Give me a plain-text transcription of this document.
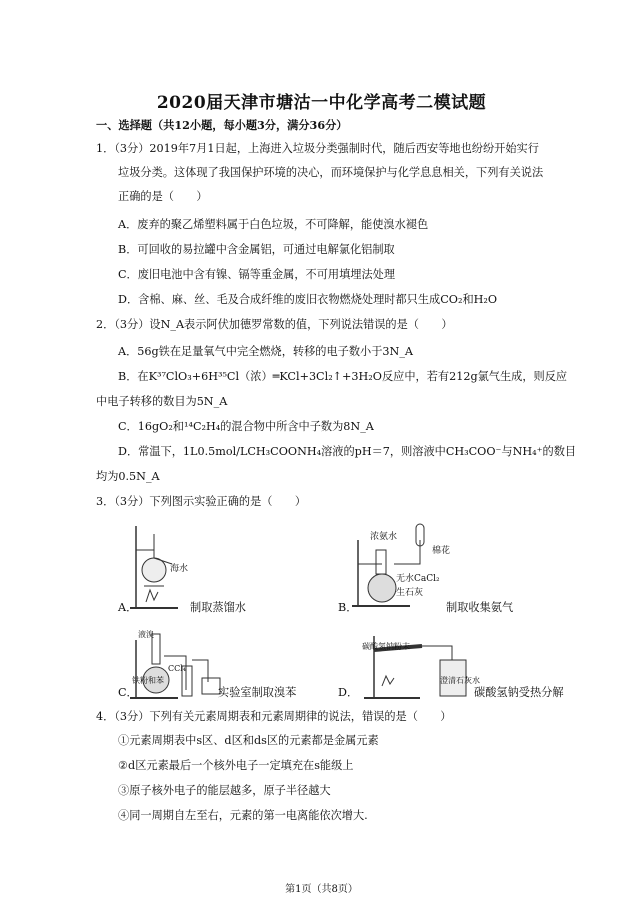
2020届天津市塘沽一中化学高考二模试题
一、选择题（共12小题，每小题3分，满分36分）
1．（3分）2019年7月1日起，上海进入垃圾分类强制时代，随后西安等地也纷纷开始实行
垃圾分类。这体现了我国保护环境的决心，而环境保护与化学息息相关，下列有关说法
正确的是（　　）
A．废弃的聚乙烯塑料属于白色垃圾，不可降解，能使溴水褪色
B．可回收的易拉罐中含金属铝，可通过电解氯化铝制取
C．废旧电池中含有镍、镉等重金属，不可用填埋法处理
D．含棉、麻、丝、毛及合成纤维的废旧衣物燃烧处理时都只生成CO₂和H₂O
2．（3分）设N_A表示阿伏加德罗常数的值，下列说法错误的是（　　）
A．56g铁在足量氧气中完全燃烧，转移的电子数小于3N_A
B．在K³⁷ClO₃+6H³⁵Cl（浓）═KCl+3Cl₂↑+3H₂O反应中，若有212g氯气生成，则反应
中电子转移的数目为5N_A
C．16gO₂和¹⁴C₂H₄的混合物中所含中子数为8N_A
D．常温下，1L0.5mol/LCH₃COONH₄溶液的pH＝7，则溶液中CH₃COO⁻与NH₄⁺的数目
均为0.5N_A
3．（3分）下列图示实验正确的是（　　）
海水
A．	制取蒸馏水
浓氨水
棉花
无水CaCl₂
生石灰
B．	制取收集氨气
液溴
铁粉和苯
CCl₄
C．	实验室制取溴苯
碳酸氢钠粉末
澄清石灰水
D．	碳酸氢钠受热分解
4．（3分）下列有关元素周期表和元素周期律的说法，错误的是（　　）
①元素周期表中s区、d区和ds区的元素都是金属元素
②d区元素最后一个核外电子一定填充在s能级上
③原子核外电子的能层越多，原子半径越大
④同一周期自左至右，元素的第一电离能依次增大.
第1页（共8页）
